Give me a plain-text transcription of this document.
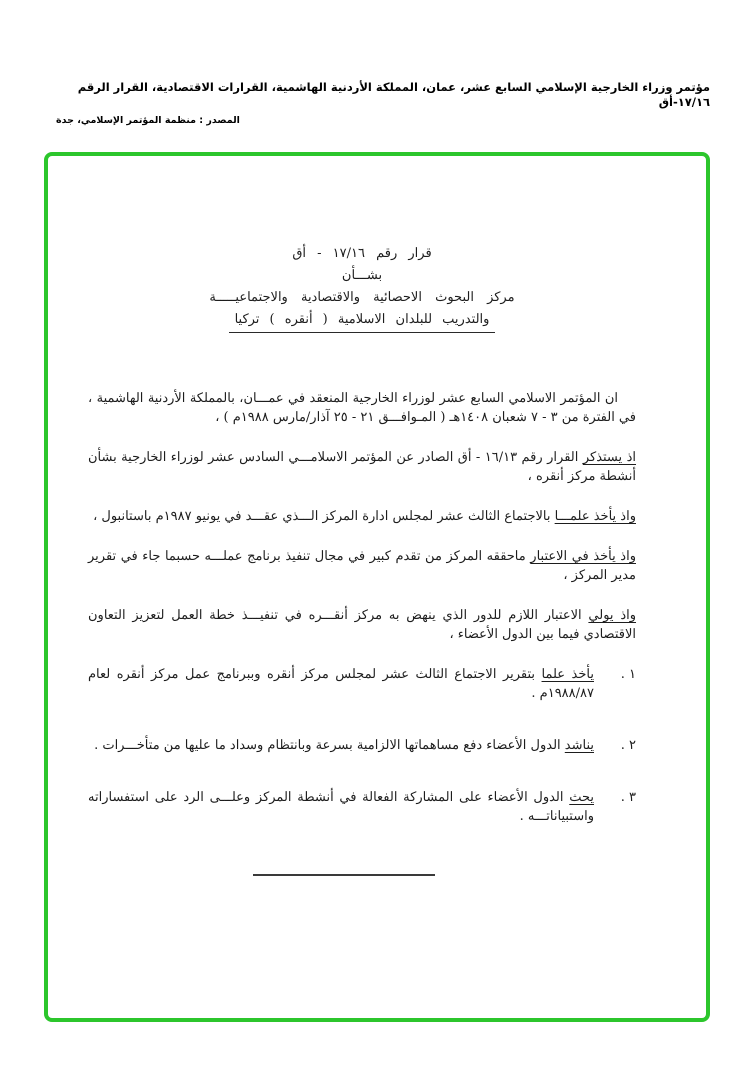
مؤتمر وزراء الخارجية الإسلامي السابع عشر، عمان، المملكة الأردنية الهاشمية، القرارات الاقتصادية، القرار الرقم ١٧/١٦-أق
المصدر : منظمة المؤتمر الإسلامي، جدة
قرار رقم ١٧/١٦ - أق
بشـــأن
مركز البحوث الاحصائية والاقتصادية والاجتماعيـــــة
والتدريب للبلدان الاسلامية ( أنقره ) تركيا

ان المؤتمر الاسلامي السابع عشر لوزراء الخارجية المنعقد في عمـــان، بالمملكة الأردنية الهاشمية ، في الفترة من ٣ - ٧ شعبان ١٤٠٨هـ ( المـوافـــق ٢١ - ٢٥ آذار/مارس ١٩٨٨م ) ،

اذ يستذكر القرار رقم ١٦/١٣ - أق الصادر عن المؤتمر الاسلامـــي السادس عشر لوزراء الخارجية بشأن أنشطة مركز أنقره ،

واذ يأخذ علمـــا بالاجتماع الثالث عشر لمجلس ادارة المركز الـــذي عقـــد في يونيو ١٩٨٧م باستانبول ،

واذ يأخذ في الاعتبار ماحققه المركز من تقدم كبير في مجال تنفيذ برنامج عملـــه حسبما جاء في تقرير مدير المركز ،

واذ يولي الاعتبار اللازم للدور الذي ينهض به مركز أنقـــره في تنفيـــذ خطة العمل لتعزيز التعاون الاقتصادي فيما بين الدول الأعضاء ،

١ .
يأخذ علما بتقرير الاجتماع الثالث عشر لمجلس مركز أنقره وببرنامج عمل مركز أنقره لعام ١٩٨٨/٨٧م .
٢ .
يناشد الدول الأعضاء دفع مساهماتها الالزامية بسرعة وبانتظام وسداد ما عليها من متأخـــرات .
٣ .
يحث الدول الأعضاء على المشاركة الفعالة في أنشطة المركز وعلـــى الرد على استفساراته واستبياناتـــه .
